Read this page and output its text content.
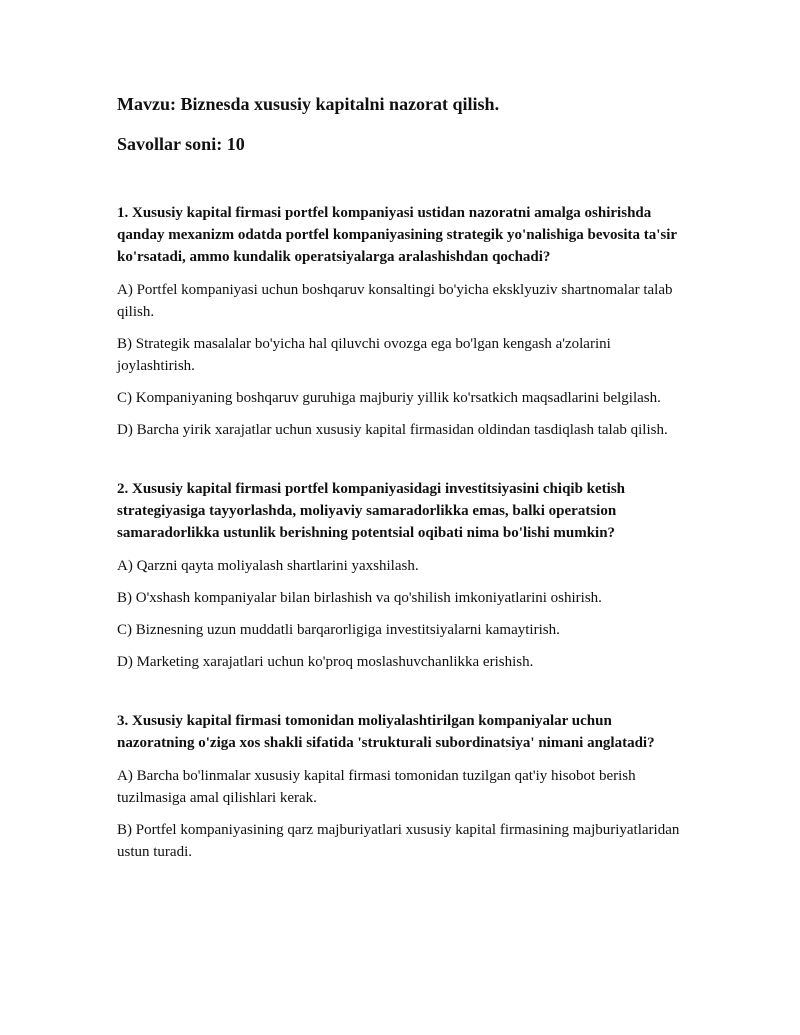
Mavzu: Biznesda xususiy kapitalni nazorat qilish.
Savollar soni: 10
1. Xususiy kapital firmasi portfel kompaniyasi ustidan nazoratni amalga oshirishda qanday mexanizm odatda portfel kompaniyasining strategik yo'nalishiga bevosita ta'sir ko'rsatadi, ammo kundalik operatsiyalarga aralashishdan qochadi?
A) Portfel kompaniyasi uchun boshqaruv konsaltingi bo'yicha eksklyuziv shartnomalar talab qilish.
B) Strategik masalalar bo'yicha hal qiluvchi ovozga ega bo'lgan kengash a'zolarini joylashtirish.
C) Kompaniyaning boshqaruv guruhiga majburiy yillik ko'rsatkich maqsadlarini belgilash.
D) Barcha yirik xarajatlar uchun xususiy kapital firmasidan oldindan tasdiqlash talab qilish.
2. Xususiy kapital firmasi portfel kompaniyasidagi investitsiyasini chiqib ketish strategiyasiga tayyorlashda, moliyaviy samaradorlikka emas, balki operatsion samaradorlikka ustunlik berishning potentsial oqibati nima bo'lishi mumkin?
A) Qarzni qayta moliyalash shartlarini yaxshilash.
B) O'xshash kompaniyalar bilan birlashish va qo'shilish imkoniyatlarini oshirish.
C) Biznesning uzun muddatli barqarorligiga investitsiyalarni kamaytirish.
D) Marketing xarajatlari uchun ko'proq moslashuvchanlikka erishish.
3. Xususiy kapital firmasi tomonidan moliyalashtirilgan kompaniyalar uchun nazoratning o'ziga xos shakli sifatida 'strukturali subordinatsiya' nimani anglatadi?
A) Barcha bo'linmalar xususiy kapital firmasi tomonidan tuzilgan qat'iy hisobot berish tuzilmasiga amal qilishlari kerak.
B) Portfel kompaniyasining qarz majburiyatlari xususiy kapital firmasining majburiyatlaridan ustun turadi.
